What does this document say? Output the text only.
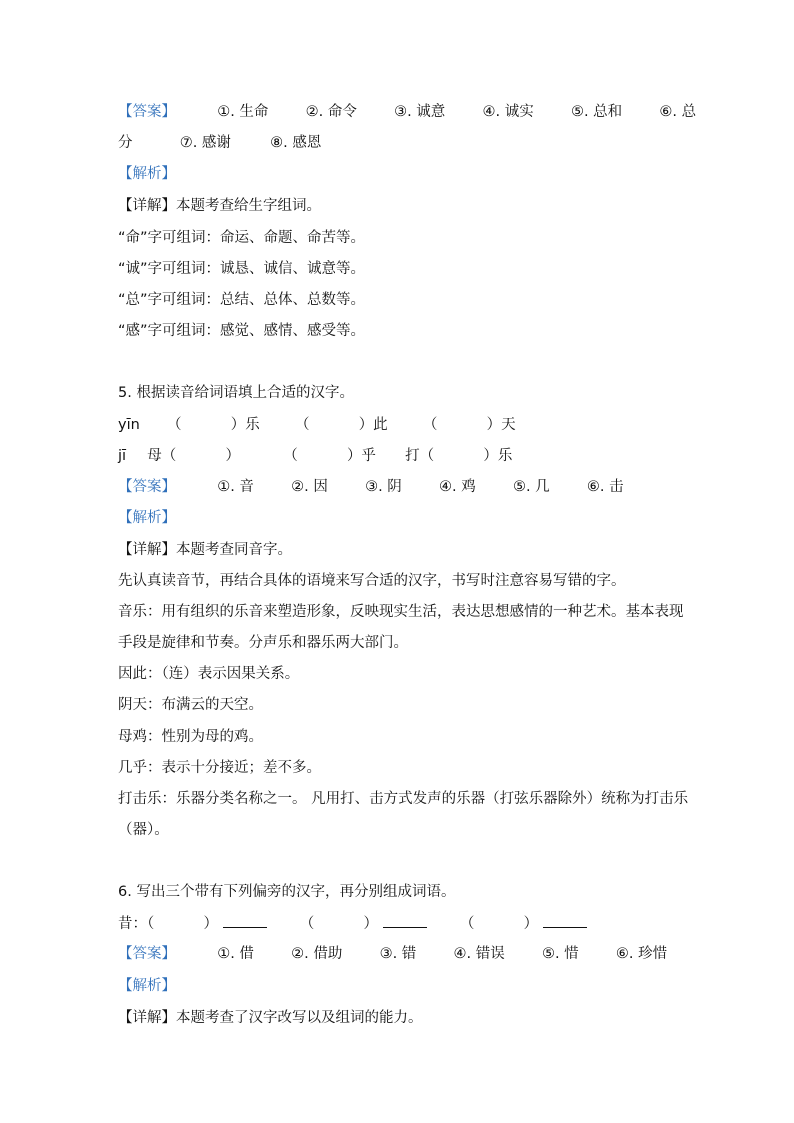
【答案】	①. 生命	②. 命令	③. 诚意	④. 诚实	⑤. 总和	⑥. 总
分	⑦. 感谢	⑧. 感恩
【解析】
【详解】本题考查给生字组词。
“命”字可组词：命运、命题、命苦等。
“诚”字可组词：诚恳、诚信、诚意等。
“总”字可组词：总结、总体、总数等。
“感”字可组词：感觉、感情、感受等。
5. 根据读音给词语填上合适的汉字。
yīn （	）乐 （	）此 （	）天
jī 母（	）	（	）乎 打（	）乐
【答案】	①. 音	②. 因	③. 阴	④. 鸡	⑤. 几	⑥. 击
【解析】
【详解】本题考查同音字。
先认真读音节，再结合具体的语境来写合适的汉字，书写时注意容易写错的字。
音乐：用有组织的乐音来塑造形象，反映现实生活，表达思想感情的一种艺术。基本表现
手段是旋律和节奏。分声乐和器乐两大部门。
因此：（连）表示因果关系。
阴天：布满云的天空。
母鸡：性别为母的鸡。
几乎：表示十分接近；差不多。
打击乐：乐器分类名称之一。 凡用打、击方式发声的乐器（打弦乐器除外）统称为打击乐
（器）。
6. 写出三个带有下列偏旁的汉字，再分别组成词语。
昔：（	）	（	）	（	）
【答案】	①. 借	②. 借助	③. 错	④. 错误	⑤. 惜	⑥. 珍惜
【解析】
【详解】本题考查了汉字改写以及组词的能力。
